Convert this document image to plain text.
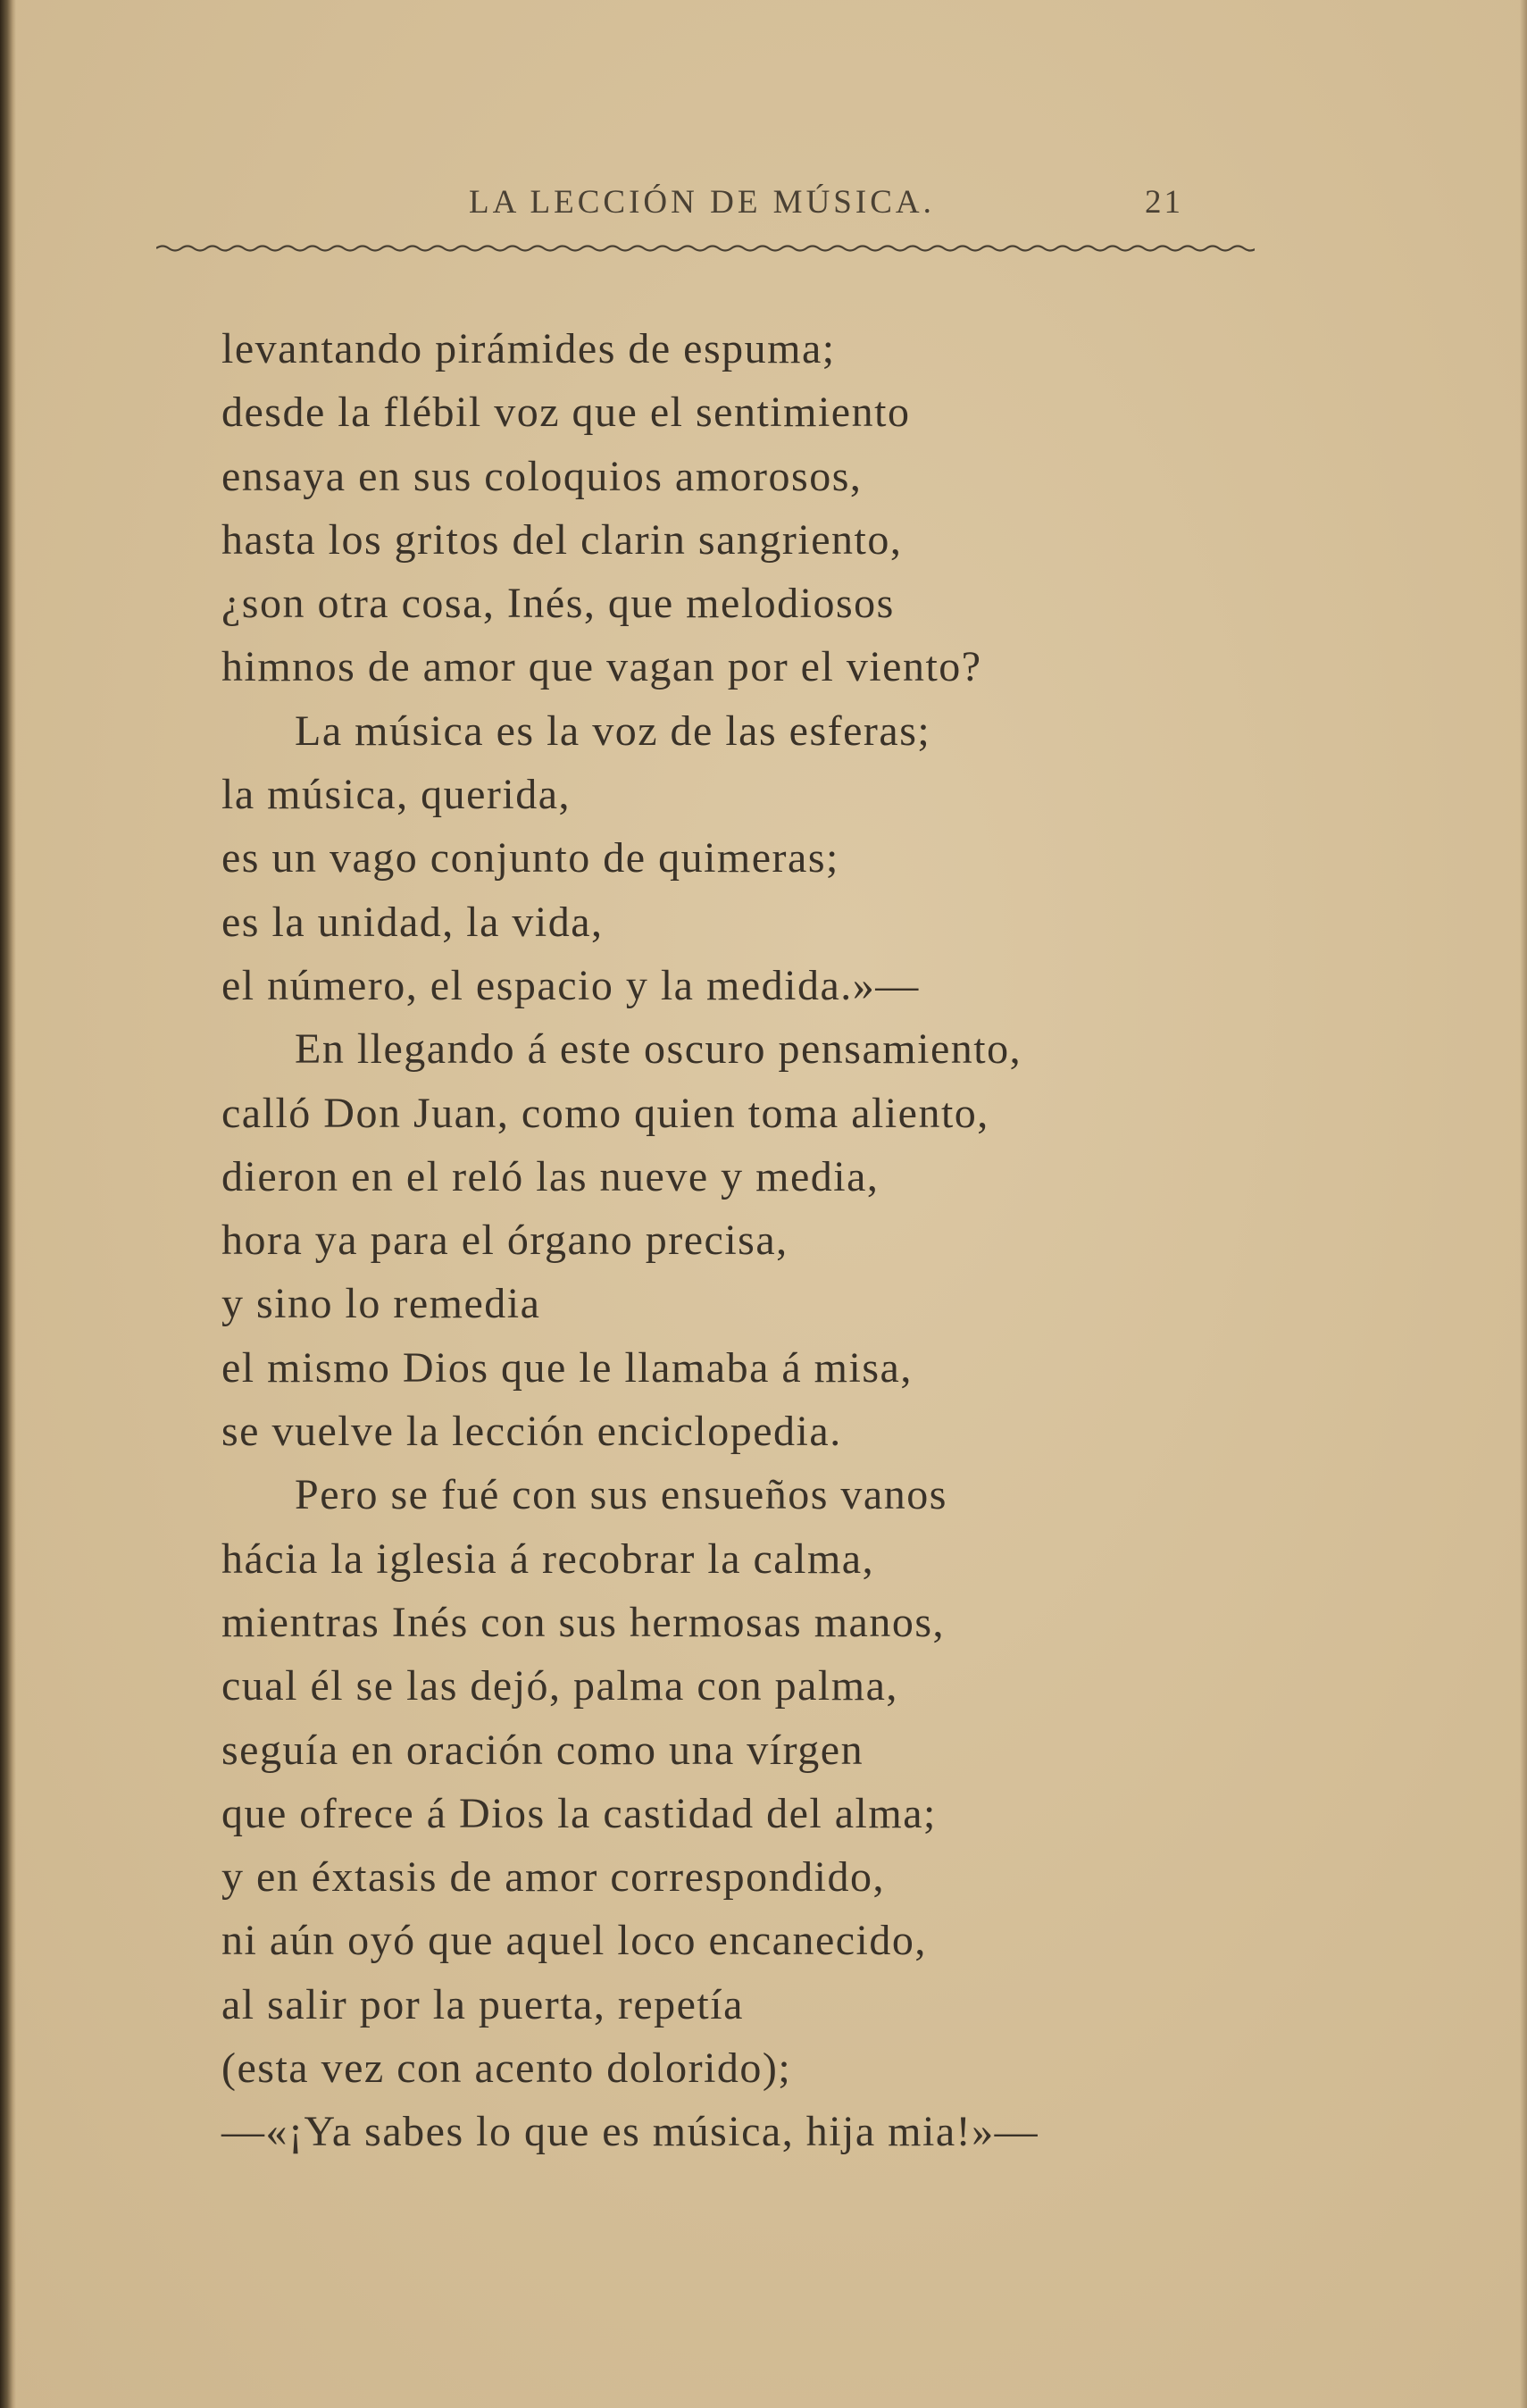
LA LECCIÓN DE MÚSICA.	21
levantando pirámides de espuma;
desde la flébil voz que el sentimiento
ensaya en sus coloquios amorosos,
hasta los gritos del clarin sangriento,
¿son otra cosa, Inés, que melodiosos
himnos de amor que vagan por el viento?
La música es la voz de las esferas;
la música, querida,
es un vago conjunto de quimeras;
es la unidad, la vida,
el número, el espacio y la medida.»—
En llegando á este oscuro pensamiento,
calló Don Juan, como quien toma aliento,
dieron en el reló las nueve y media,
hora ya para el órgano precisa,
y sino lo remedia
el mismo Dios que le llamaba á misa,
se vuelve la lección enciclopedia.
Pero se fué con sus ensueños vanos
hácia la iglesia á recobrar la calma,
mientras Inés con sus hermosas manos,
cual él se las dejó, palma con palma,
seguía en oración como una vírgen
que ofrece á Dios la castidad del alma;
y en éxtasis de amor correspondido,
ni aún oyó que aquel loco encanecido,
al salir por la puerta, repetía
(esta vez con acento dolorido);
—«¡Ya sabes lo que es música, hija mia!»—
